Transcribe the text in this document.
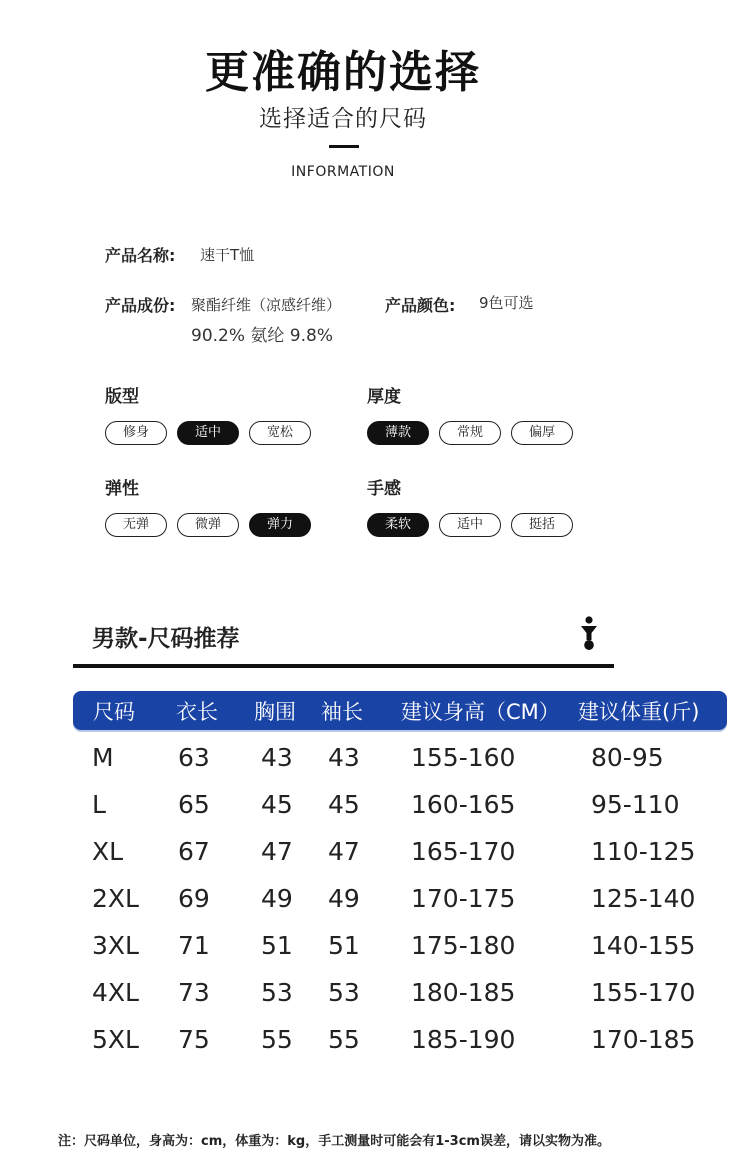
更准确的选择
选择适合的尺码
INFORMATION
产品名称: 速干T恤
产品成份: 聚酯纤维（凉感纤维）
90.2% 氨纶 9.8%
产品颜色: 9色可选
版型
修身	适中	宽松
厚度
薄款	常规	偏厚
弹性
无弹	微弹	弹力
手感
柔软	适中	挺括
男款-尺码推荐
尺码 衣长 胸围 袖长 建议身高（CM） 建议体重(斤)
M	63 43 43 155-160	80-95
L	65 45 45 160-165	95-110
XL 67 47 47 165-170	110-125
2XL 69 49 49 170-175	125-140
3XL 71 51 51 175-180	140-155
4XL 73 53 53 180-185	155-170
5XL 75 55 55 185-190	170-185
注：尺码单位，身高为：cm，体重为：kg，手工测量时可能会有1-3cm误差，请以实物为准。
